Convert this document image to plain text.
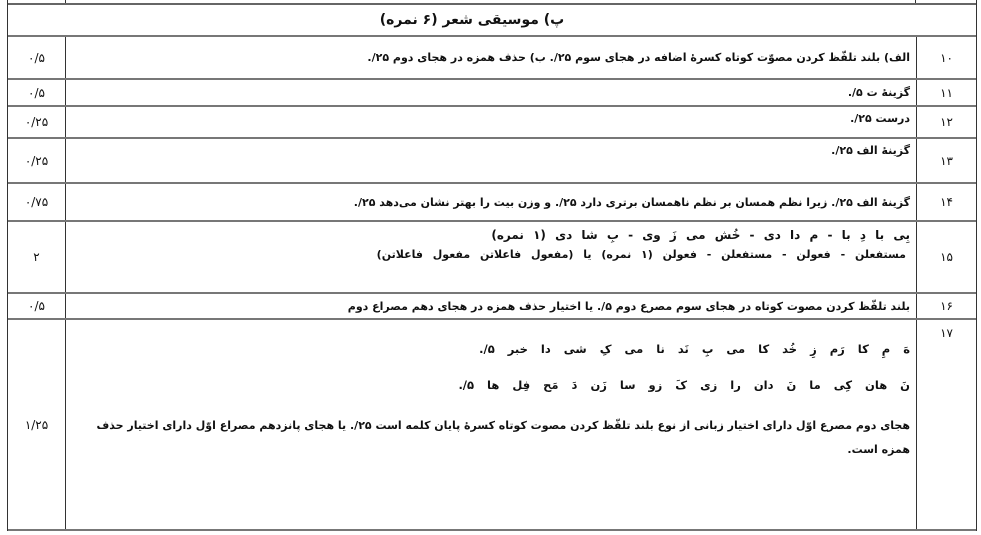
پ) موسیقی شعر (۶ نمره)
۱۰
الف) بلند تلفّظ کردن مصوّت کوتاه کسرهٔ اضافه در هجای سوم ۲۵/. ب) حذف همزه در هجای دوم ۲۵/.
۰/۵
۱۱
گزینهٔ ت ۵/.
۰/۵
۱۲
درست ۲۵/.
۰/۲۵
۱۳
گزینهٔ الف ۲۵/.
۰/۲۵
۱۴
گزینهٔ الف ۲۵/. زیرا نظم همسان بر نظم ناهمسان برتری دارد ۲۵/. و وزن بیت را بهتر نشان می‌دهد ۲۵/.
۰/۷۵
۱۵
بِی با دِ با - م دا دی - خُش می زَ وی - بِ شا دی (۱ نمره)
مستفعلن - فعولن - مستفعلن - فعولن (۱ نمره) یا (مفعول فاعلاتن مفعول فاعلاتن)
۲
۱۶
بلند تلفّظ کردن مصوت کوتاه در هجای سوم مصرع دوم ۵/. یا اختیار حذف همزه در هجای دهم مصراع دوم
۰/۵
۱۷
هَ مِ کا رَم زِ خُد کا می بِ نَد نا می کِ شی دا خبر ۵/.
نَ هان کِی ما نَ دان را زی کَ زو سا زَن دَ مَح فِل ها ۵/.
هجای دوم مصرع اوّل دارای اختیار زبانی از نوع بلند تلفّظ کردن مصوت کوتاه کسرهٔ پایان کلمه است ۲۵/. یا هجای پانزدهم مصراع اوّل دارای اختیار حذف همزه است.
۱/۲۵
